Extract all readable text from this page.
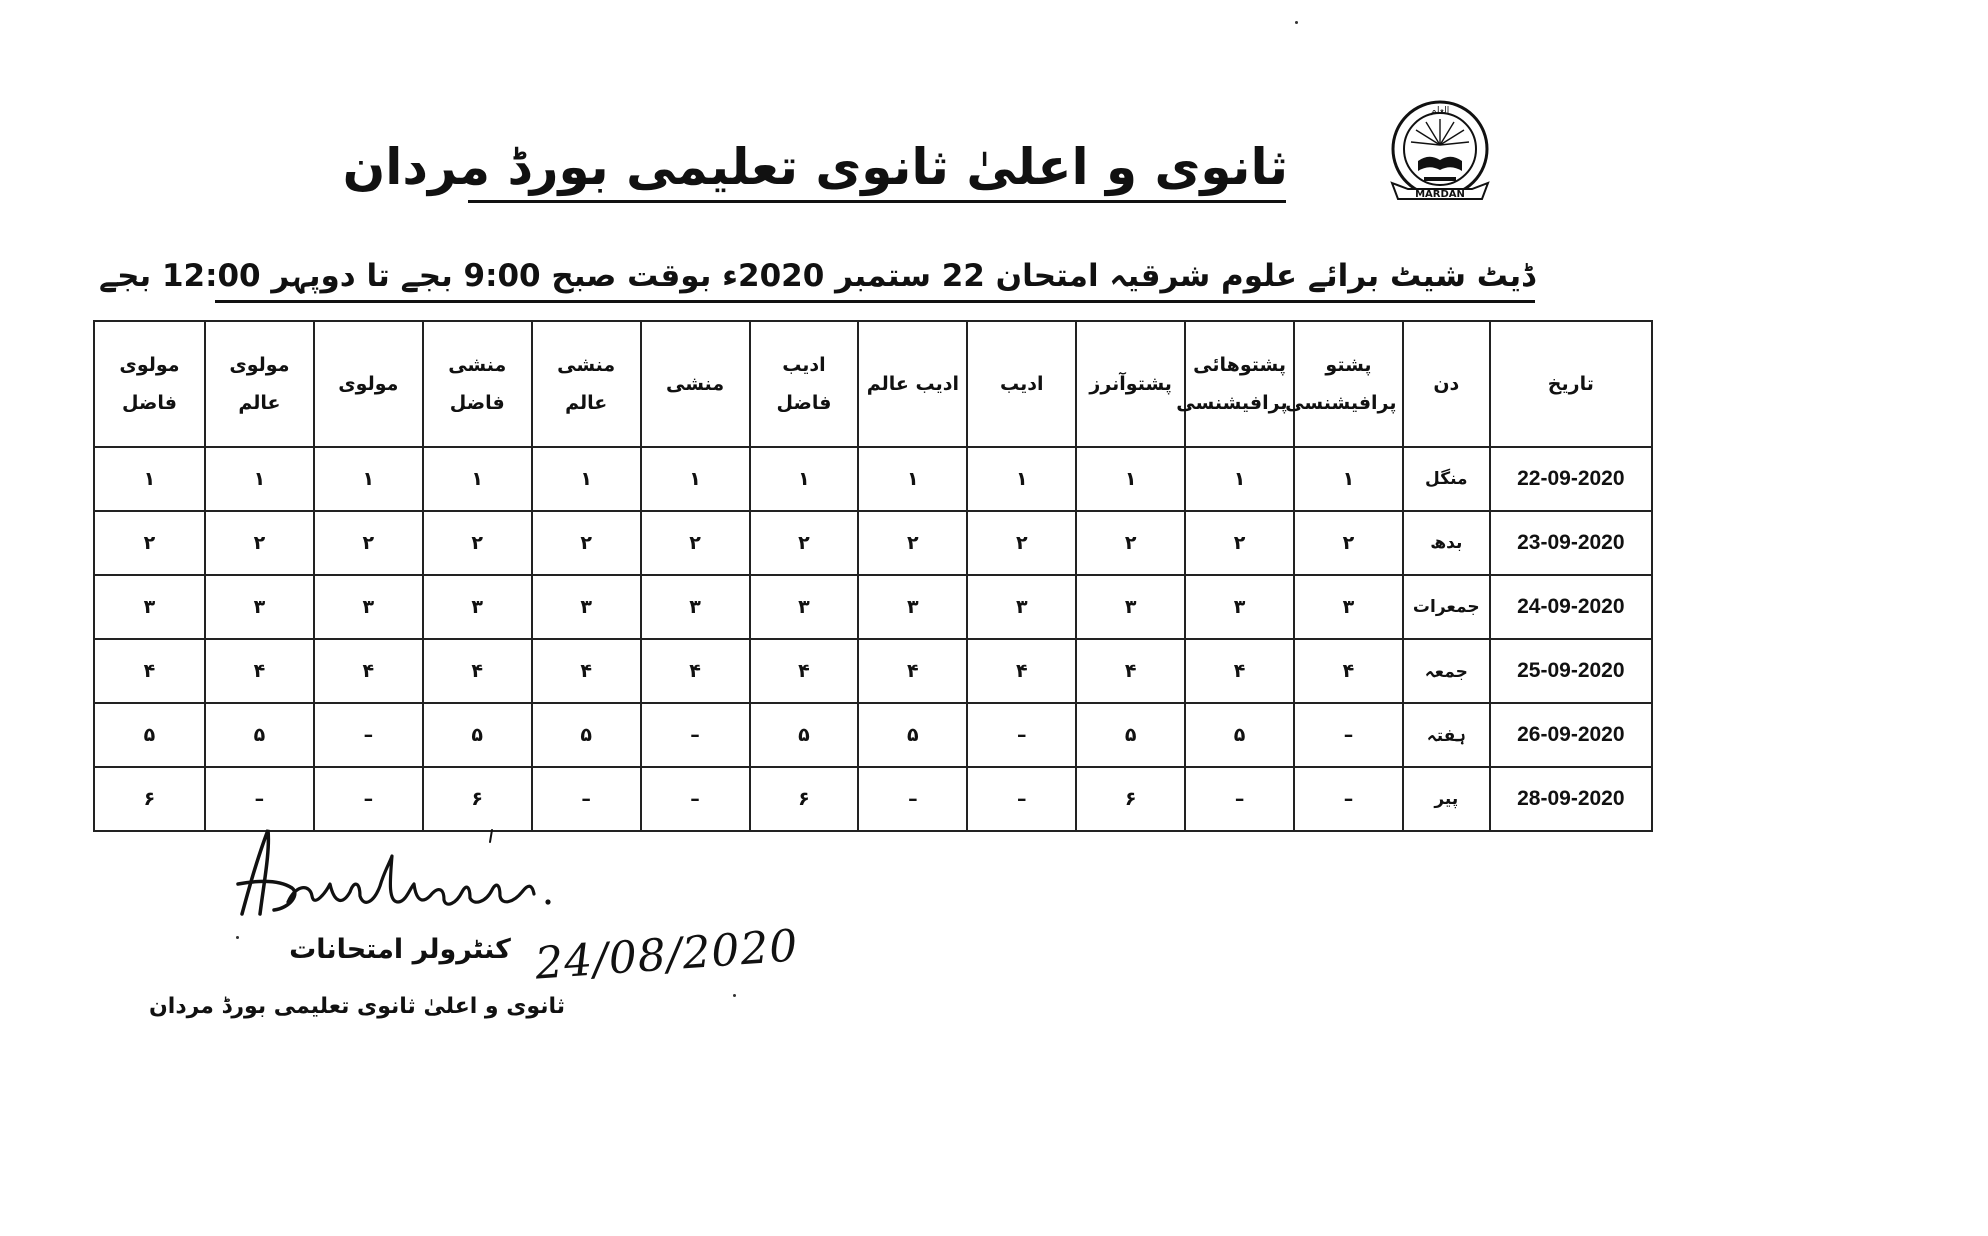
MARDAN
العلم
ثانوی و اعلیٰ ثانوی تعلیمی بورڈ مردان
ڈیٹ شیٹ برائے علوم شرقیہ امتحان 22 ستمبر 2020ء بوقت صبح 9:00 بجے تا دوپہر 12:00 بجے
تاریخ	دن	پشتو پرافیشنسی	پشتوھائی پرافیشنسی	پشتوآنرز	ادیب	ادیب عالم	ادیب فاضل	منشی	منشی عالم	منشی فاضل	مولوی	مولوی عالم	مولوی فاضل
22-09-2020	منگل	۱	۱	۱	۱	۱	۱	۱	۱	۱	۱	۱	۱
23-09-2020	بدھ	۲	۲	۲	۲	۲	۲	۲	۲	۲	۲	۲	۲
24-09-2020	جمعرات	۳	۳	۳	۳	۳	۳	۳	۳	۳	۳	۳	۳
25-09-2020	جمعہ	۴	۴	۴	۴	۴	۴	۴	۴	۴	۴	۴	۴
26-09-2020	ہفتہ	–	۵	۵	–	۵	۵	–	۵	۵	–	۵	۵
28-09-2020	پیر	–	–	۶	–	–	۶	–	–	۶	–	–	۶
24/08/2020
کنٹرولر امتحانات
ثانوی و اعلیٰ ثانوی تعلیمی بورڈ مردان
